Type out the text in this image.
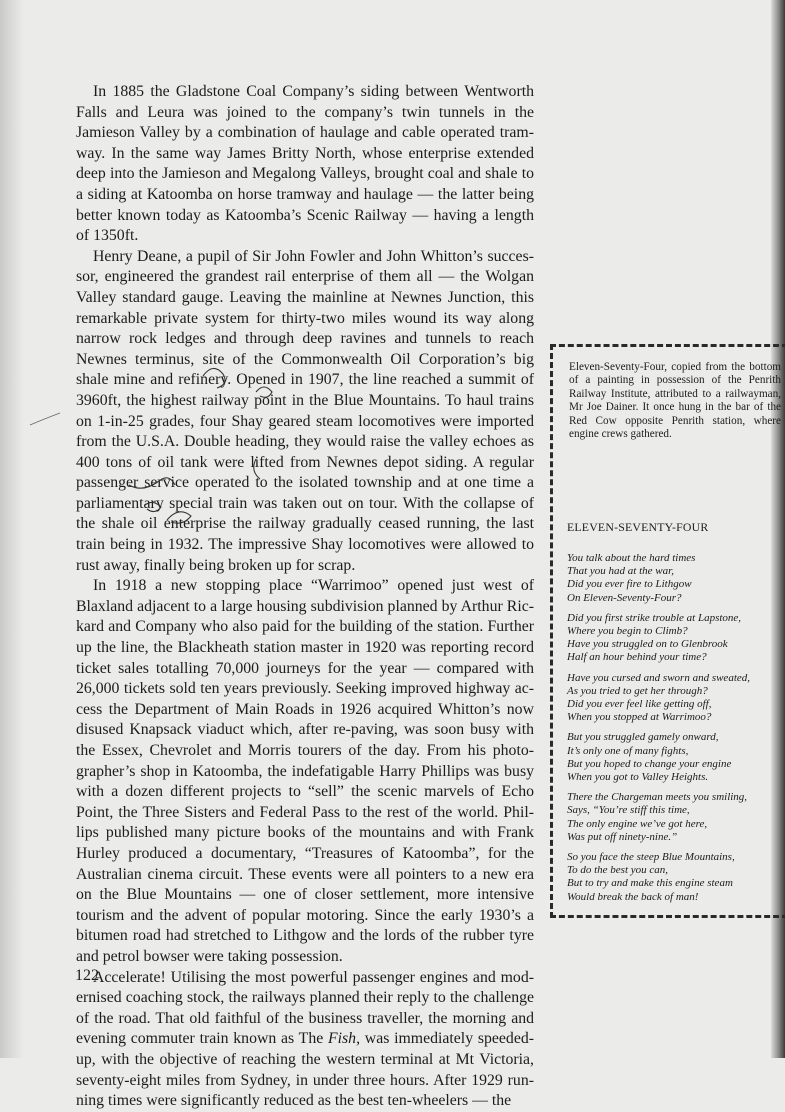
In 1885 the Gladstone Coal Company’s siding between Wentworth Falls and Leura was joined to the company’s twin tunnels in the Jamieson Valley by a combination of haulage and cable operated tramway. In the same way James Britty North, whose enterprise extended deep into the Jamieson and Megalong Valleys, brought coal and shale to a siding at Katoomba on horse tramway and haulage — the latter being better known today as Katoomba’s Scenic Railway — having a length of 1350ft.

Henry Deane, a pupil of Sir John Fowler and John Whitton’s successor, engineered the grandest rail enterprise of them all — the Wolgan Valley standard gauge. Leaving the mainline at Newnes Junction, this remarkable private system for thirty-two miles wound its way along narrow rock ledges and through deep ravines and tunnels to reach Newnes terminus, site of the Commonwealth Oil Corporation’s big shale mine and refinery. Opened in 1907, the line reached a summit of 3960ft, the highest railway point in the Blue Mountains. To haul trains on 1-in-25 grades, four Shay geared steam locomotives were imported from the U.S.A. Double heading, they would raise the valley echoes as 400 tons of oil tank were lifted from Newnes depot siding. A regular passenger service operated to the isolated township and at one time a parliamentary special train was taken out on tour. With the collapse of the shale oil enterprise the railway gradually ceased running, the last train being in 1932. The impressive Shay locomotives were allowed to rust away, finally being broken up for scrap.

In 1918 a new stopping place “Warrimoo” opened just west of Blaxland adjacent to a large housing subdivision planned by Arthur Rickard and Company who also paid for the building of the station. Further up the line, the Blackheath station master in 1920 was reporting record ticket sales totalling 70,000 journeys for the year — compared with 26,000 tickets sold ten years previously. Seeking improved highway access the Department of Main Roads in 1926 acquired Whitton’s now disused Knapsack viaduct which, after re-paving, was soon busy with the Essex, Chevrolet and Morris tourers of the day. From his photographer’s shop in Katoomba, the indefatigable Harry Phillips was busy with a dozen different projects to “sell” the scenic marvels of Echo Point, the Three Sisters and Federal Pass to the rest of the world. Phillips published many picture books of the mountains and with Frank Hurley produced a documentary, “Treasures of Katoomba”, for the Australian cinema circuit. These events were all pointers to a new era on the Blue Mountains — one of closer settlement, more intensive tourism and the advent of popular motoring. Since the early 1930’s a bitumen road had stretched to Lithgow and the lords of the rubber tyre and petrol bowser were taking possession.

Accelerate! Utilising the most powerful passenger engines and modernised coaching stock, the railways planned their reply to the challenge of the road. That old faithful of the business traveller, the morning and evening commuter train known as The Fish, was immediately speeded-up, with the objective of reaching the western terminal at Mt Victoria, seventy-eight miles from Sydney, in under three hours. After 1929 running times were significantly reduced as the best ten-wheelers — the

122
Eleven-Seventy-Four, copied from the bottom of a painting in possession of the Penrith Railway Institute, attributed to a railwayman, Mr Joe Dainer. It once hung in the bar of the Red Cow opposite Penrith station, where engine crews gathered.
ELEVEN-SEVENTY-FOUR
You talk about the hard times
That you had at the war,
Did you ever fire to Lithgow
On Eleven-Seventy-Four?
Did you first strike trouble at Lapstone,
Where you begin to Climb?
Have you struggled on to Glenbrook
Half an hour behind your time?
Have you cursed and sworn and sweated,
As you tried to get her through?
Did you ever feel like getting off,
When you stopped at Warrimoo?
But you struggled gamely onward,
It’s only one of many fights,
But you hoped to change your engine
When you got to Valley Heights.
There the Chargeman meets you smiling,
Says, “You’re stiff this time,
The only engine we’ve got here,
Was put off ninety-nine.”
So you face the steep Blue Mountains,
To do the best you can,
But to try and make this engine steam
Would break the back of man!
